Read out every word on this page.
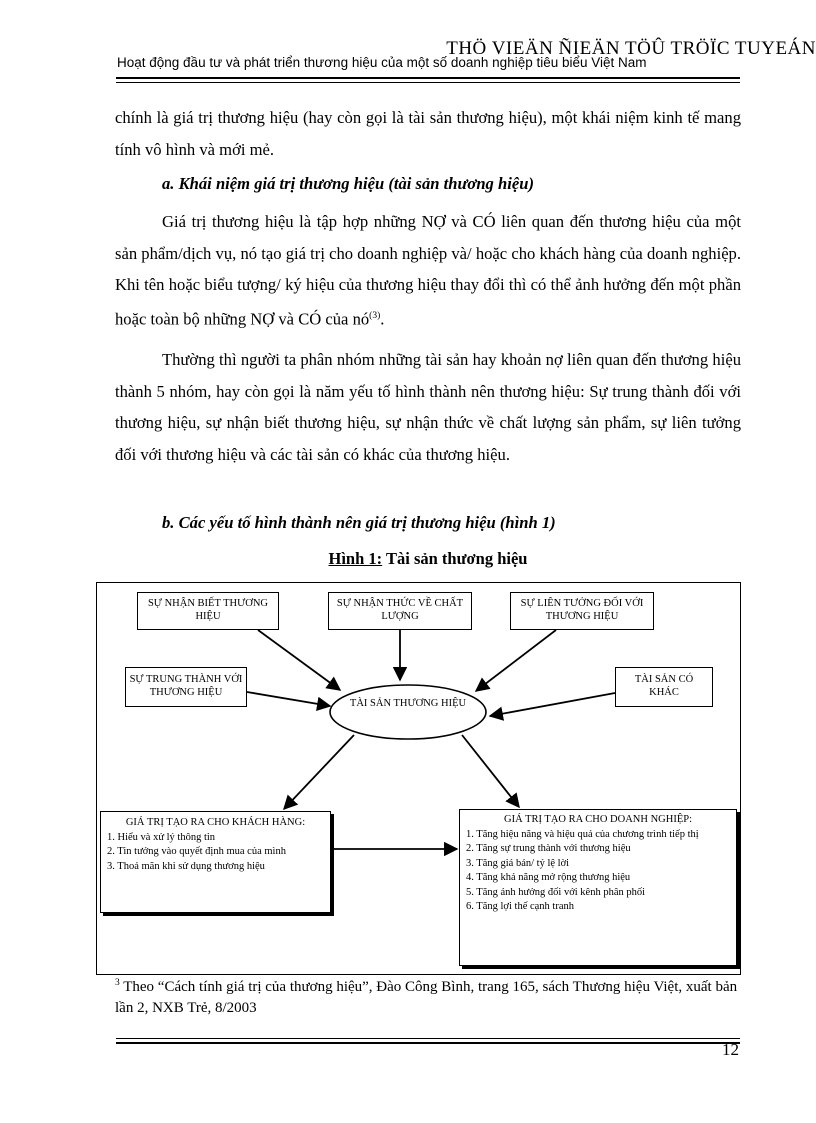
THÖ VIEÄN ÑIEÄN TÖÛ TRÖÏC TUYEÁN
Hoạt động đầu tư và phát triển thương hiệu của một số doanh nghiệp tiêu biểu Việt Nam

chính là giá trị thương hiệu (hay còn gọi là tài sản thương hiệu), một khái niệm kinh tế mang tính vô hình và mới mẻ.

a. Khái niệm giá trị thương hiệu (tài sản thương hiệu)

Giá trị thương hiệu là tập hợp những NỢ và CÓ liên quan đến thương hiệu của một sản phẩm/dịch vụ, nó tạo giá trị cho doanh nghiệp và/ hoặc cho khách hàng của doanh nghiệp. Khi tên hoặc biểu tượng/ ký hiệu của thương hiệu thay đổi thì có thể ảnh hưởng đến một phần hoặc toàn bộ những NỢ và CÓ của $nó^{(3)}$.

Thường thì người ta phân nhóm những tài sản hay khoản nợ liên quan đến thương hiệu thành 5 nhóm, hay còn gọi là năm yếu tố hình thành nên thương hiệu: Sự trung thành đối với thương hiệu, sự nhận biết thương hiệu, sự nhận thức về chất lượng sản phẩm, sự liên tưởng đối với thương hiệu và các tài sản có khác của thương hiệu.

b. Các yếu tố hình thành nên giá trị thương hiệu (hình 1)
Hình 1: Tài sản thương hiệu
TÀI SẢN THƯƠNG HIỆU
SỰ NHẬN BIẾT THƯƠNG HIỆU
SỰ NHẬN THỨC VỀ CHẤT LƯỢNG
SỰ LIÊN TƯỞNG ĐỐI VỚI THƯƠNG HIỆU
SỰ TRUNG THÀNH VỚI THƯƠNG HIỆU
TÀI SẢN CÓ KHÁC
GIÁ TRỊ TẠO RA CHO KHÁCH HÀNG:
1. Hiểu và xử lý thông tin
2. Tin tưởng vào quyết định mua của mình
3. Thoả mãn khi sử dụng thương hiệu
GIÁ TRỊ TẠO RA CHO DOANH NGHIỆP:
1. Tăng hiệu năng và hiệu quả của chương trình tiếp thị
2. Tăng sự trung thành với thương hiệu
3. Tăng giá bán/ tỷ lệ lời
4. Tăng khả năng mở rộng thương hiệu
5. Tăng ảnh hưởng đối với kênh phân phối
6. Tăng lợi thế cạnh tranh

$^3$ Theo “Cách tính giá trị của thương hiệu”, Đào Công Bình, trang 165, sách Thương hiệu Việt, xuất bản lần 2, NXB Trẻ, 8/2003

12
